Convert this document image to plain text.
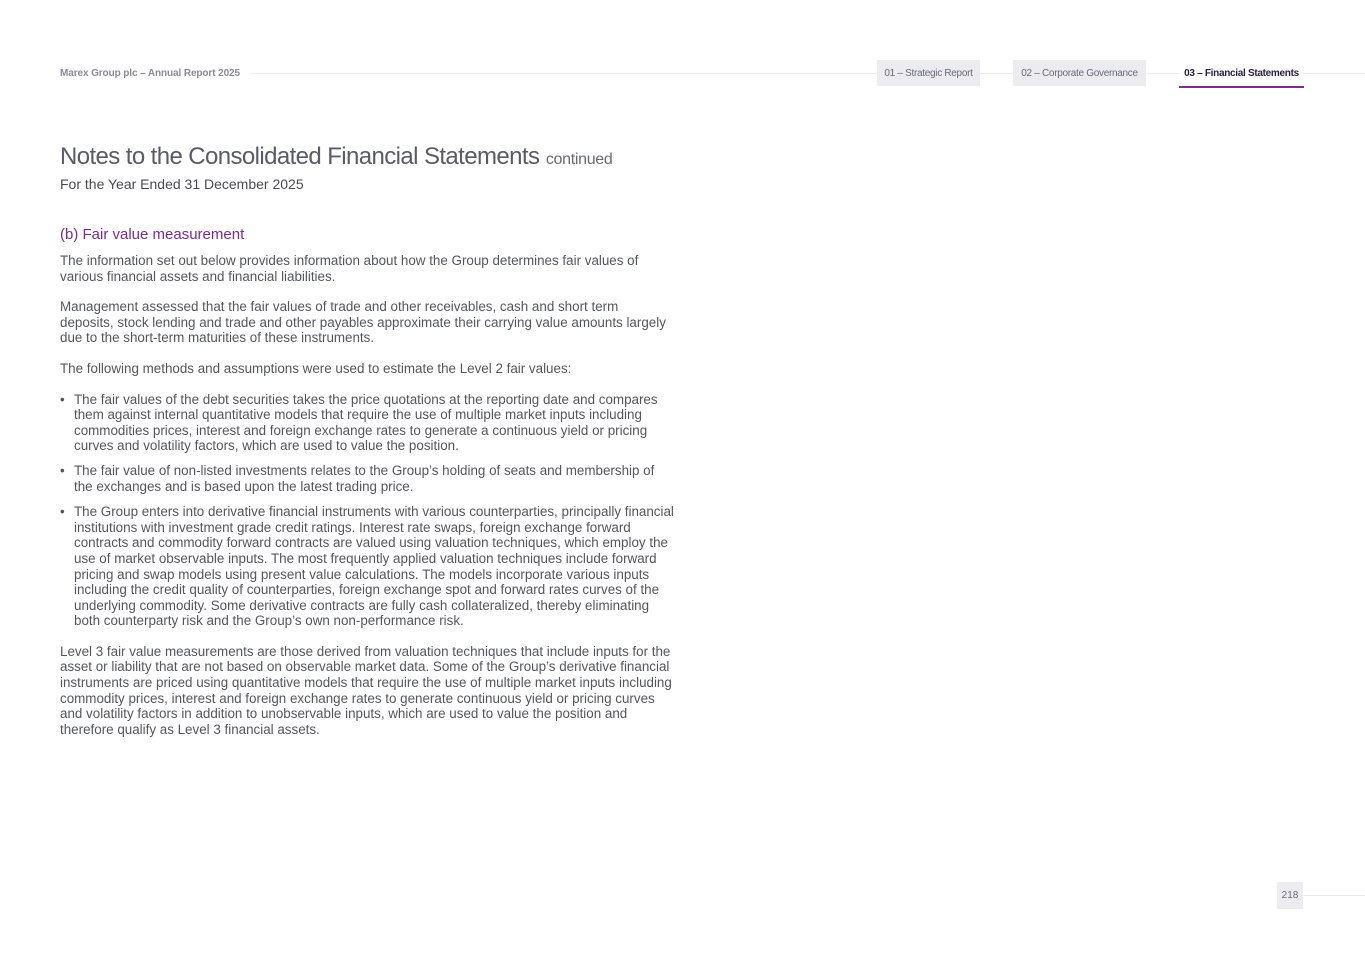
Marex Group plc – Annual Report 2025	01 – Strategic Report	02 – Corporate Governance	03 – Financial Statements
Notes to the Consolidated Financial Statements continued
For the Year Ended 31 December 2025
(b) Fair value measurement

The information set out below provides information about how the Group determines fair values of various financial assets and financial liabilities.

Management assessed that the fair values of trade and other receivables, cash and short term deposits, stock lending and trade and other payables approximate their carrying value amounts largely due to the short-term maturities of these instruments.

The following methods and assumptions were used to estimate the Level 2 fair values:

• The fair values of the debt securities takes the price quotations at the reporting date and compares them against internal quantitative models that require the use of multiple market inputs including commodities prices, interest and foreign exchange rates to generate a continuous yield or pricing curves and volatility factors, which are used to value the position.
• The fair value of non-listed investments relates to the Group’s holding of seats and membership of the exchanges and is based upon the latest trading price.
• The Group enters into derivative financial instruments with various counterparties, principally financial institutions with investment grade credit ratings. Interest rate swaps, foreign exchange forward contracts and commodity forward contracts are valued using valuation techniques, which employ the use of market observable inputs. The most frequently applied valuation techniques include forward pricing and swap models using present value calculations. The models incorporate various inputs including the credit quality of counterparties, foreign exchange spot and forward rates curves of the underlying commodity. Some derivative contracts are fully cash collateralized, thereby eliminating both counterparty risk and the Group’s own non-performance risk.

Level 3 fair value measurements are those derived from valuation techniques that include inputs for the asset or liability that are not based on observable market data. Some of the Group’s derivative financial instruments are priced using quantitative models that require the use of multiple market inputs including commodity prices, interest and foreign exchange rates to generate continuous yield or pricing curves and volatility factors in addition to unobservable inputs, which are used to value the position and therefore qualify as Level 3 financial assets.

218
